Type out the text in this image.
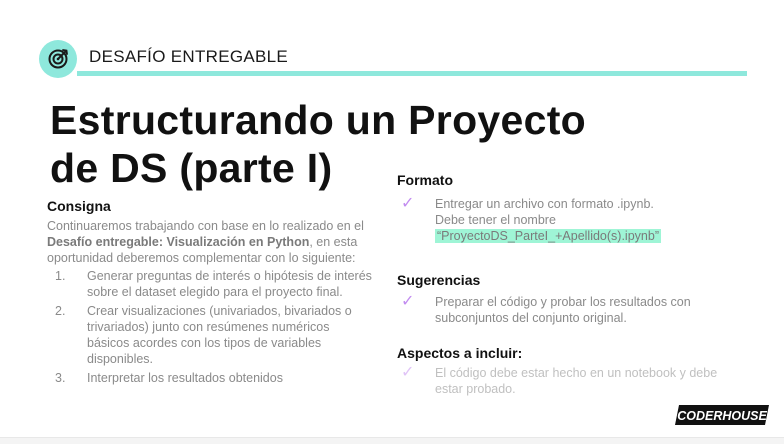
DESAFÍO ENTREGABLE
Estructurando un Proyecto
de DS (parte I)
Consigna
Continuaremos trabajando con base en lo realizado en el Desafío entregable: Visualización en Python, en esta oportunidad deberemos complementar con lo siguiente:
1.	Generar preguntas de interés o hipótesis de interés sobre el dataset elegido para el proyecto final.
2.	Crear visualizaciones (univariados, bivariados o trivariados) junto con resúmenes numéricos básicos acordes con los tipos de variables disponibles.
3.	Interpretar los resultados obtenidos
Formato
✓	Entregar un archivo con formato .ipynb.
Debe tener el nombre
“ProyectoDS_ParteI_+Apellido(s).ipynb”
Sugerencias
✓	Preparar el código y probar los resultados con subconjuntos del conjunto original.
Aspectos a incluir:
✓	El código debe estar hecho en un notebook y debe estar probado.
CODERHOUSE
